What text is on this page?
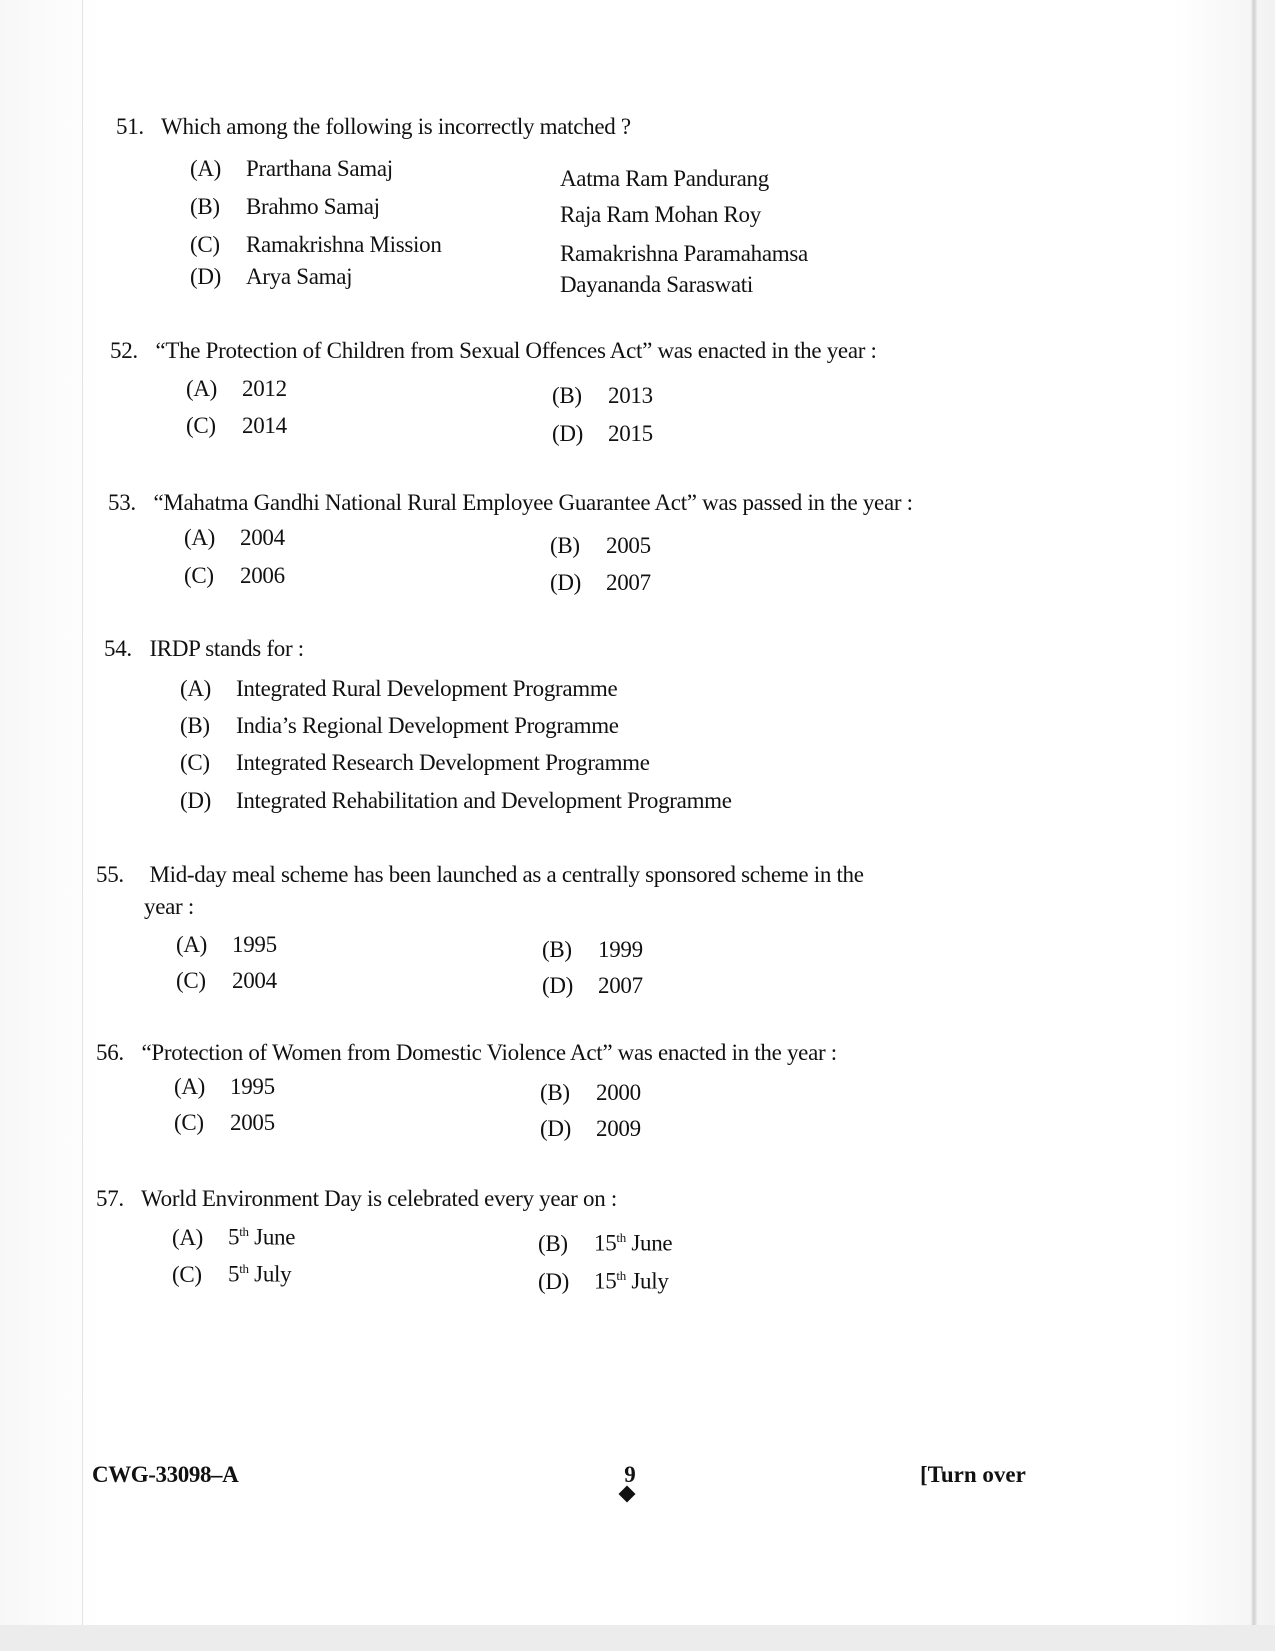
51. Which among the following is incorrectly matched ?
(A) Prarthana Samaj	Aatma Ram Pandurang
(B) Brahmo Samaj	Raja Ram Mohan Roy
(C) Ramakrishna Mission	Ramakrishna Paramahamsa
(D) Arya Samaj	Dayananda Saraswati
52. “The Protection of Children from Sexual Offences Act” was enacted in the year :
(A) 2012	(B) 2013
(C) 2014	(D) 2015
53. “Mahatma Gandhi National Rural Employee Guarantee Act” was passed in the year :
(A) 2004	(B) 2005
(C) 2006	(D) 2007
54. IRDP stands for :
(A) Integrated Rural Development Programme
(B) India’s Regional Development Programme
(C) Integrated Research Development Programme
(D) Integrated Rehabilitation and Development Programme
55. Mid-day meal scheme has been launched as a centrally sponsored scheme in the
year :
(A) 1995	(B) 1999
(C) 2004	(D) 2007
56. “Protection of Women from Domestic Violence Act” was enacted in the year :
(A) 1995	(B) 2000
(C) 2005	(D) 2009
57. World Environment Day is celebrated every year on :
(A) 5th June	(B) 15th June
(C) 5th July	(D) 15th July
CWG-33098–A	9	[Turn over
